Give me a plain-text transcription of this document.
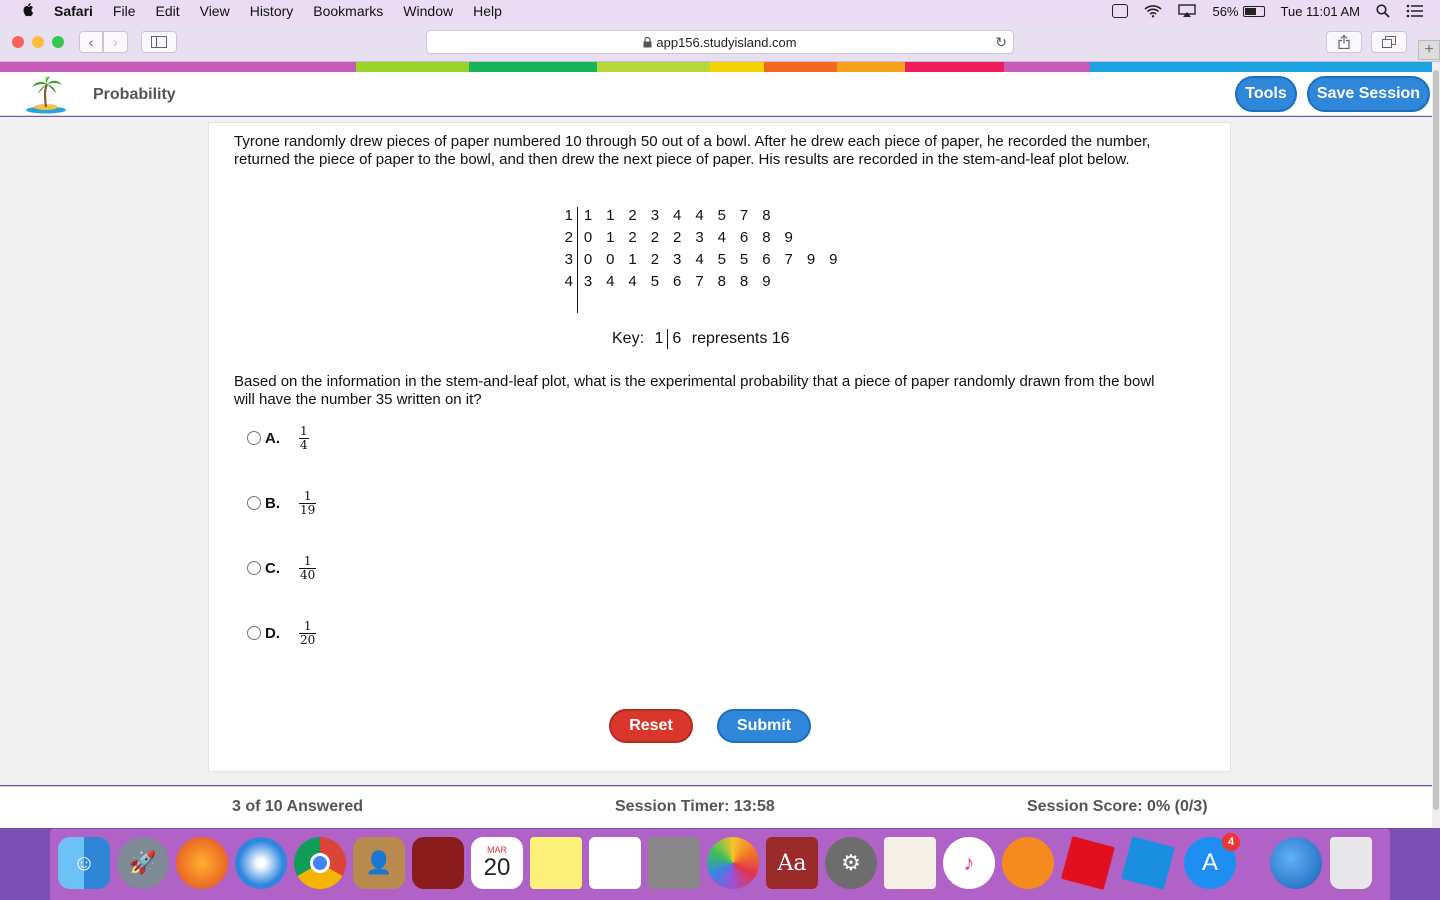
Safari File Edit View History Bookmarks Window Help	56%	Tue 11:01 AM
‹ ›	app156.studyisland.com	↻	+
Probability	Tools Save Session
Tyrone randomly drew pieces of paper numbered 10 through 50 out of a bowl. After he drew each piece of paper, he recorded the number, returned the piece of paper to the bowl, and then drew the next piece of paper. His results are recorded in the stem-and-leaf plot below.
1 1 1 2 3 4 4 5 7 8
2 0 1 2 2 2 3 4 6 8 9
3 0 0 1 2 3 4 5 5 6 7 9 9
4 3 4 4 5 6 7 8 8 9
Key: 1 6 represents 16
Based on the information in the stem-and-leaf plot, what is the experimental probability that a piece of paper randomly drawn from the bowl will have the number 35 written on it?
A.	$\frac{1}{4}$
B.	$\frac{1}{19}$
C.	$\frac{1}{40}$
D.	$\frac{1}{20}$
Reset	Submit
3 of 10 Answered	Session Timer: 13:58	Session Score: 0% (0/3)
☺	🚀	👤	MAR
20	Aa	⚙	♪	A
4
